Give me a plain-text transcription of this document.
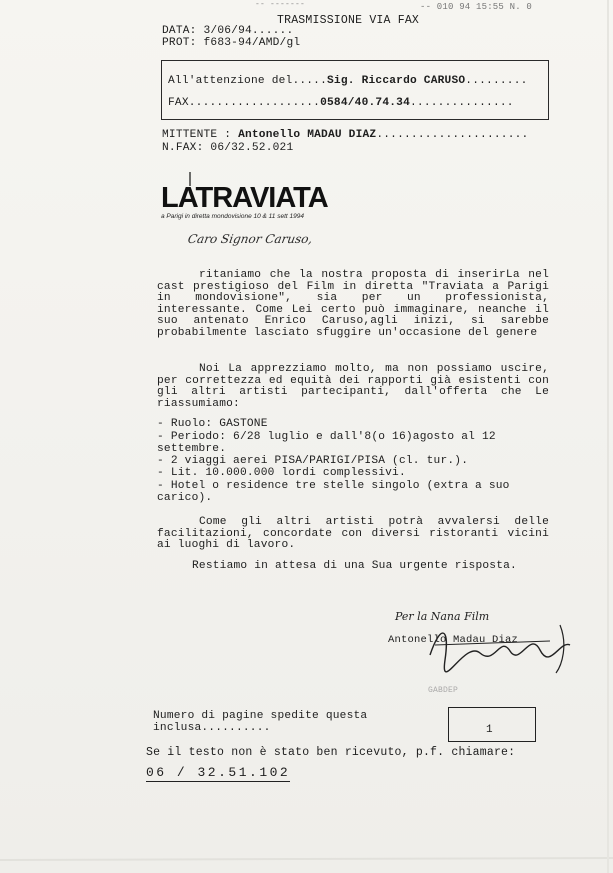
-- -------	-- 010 94 15:55 N. 0
TRASMISSIONE VIA FAX
DATA: 3/06/94......
PROT: f683-94/AMD/gl
All'attenzione del.....Sig. Riccardo CARUSO.........
FAX...................0584/40.74.34...............
MITTENTE : Antonello MADAU DIAZ......................
N.FAX: 06/32.52.021
LATRAVIATA
a Parigi in diretta mondovisione 10 & 11 sett 1994
Caro Signor Caruso,
ritaniamo che la nostra proposta di inserirLa nel cast prestigioso del Film in diretta "Traviata a Parigi in mondovisione", sia per un professionista, interessante. Come Lei certo può immaginare, neanche il suo antenato Enrico Caruso,agli inizi, si sarebbe probabilmente lasciato sfuggire un'occasione del genere
Noi La apprezziamo molto, ma non possiamo uscire, per correttezza ed equità dei rapporti già esistenti con gli altri artisti partecipanti, dall'offerta che Le riassumiamo:
- Ruolo: GASTONE
- Periodo: 6/28 luglio e dall'8(o 16)agosto al 12
settembre.
- 2 viaggi aerei PISA/PARIGI/PISA (cl. tur.).
- Lit. 10.000.000 lordi complessivi.
- Hotel o residence tre stelle singolo (extra a suo
carico).
Come gli altri artisti potrà avvalersi delle facilitazioni, concordate con diversi ristoranti vicini ai luoghi di lavoro.
Restiamo in attesa di una Sua urgente risposta.
Per la Nana Film
Antonello Madau Diaz
GABDEP
Numero di pagine spedite questa
inclusa..........	1
Se il testo non è stato ben ricevuto, p.f. chiamare:
06 / 32.51.102
